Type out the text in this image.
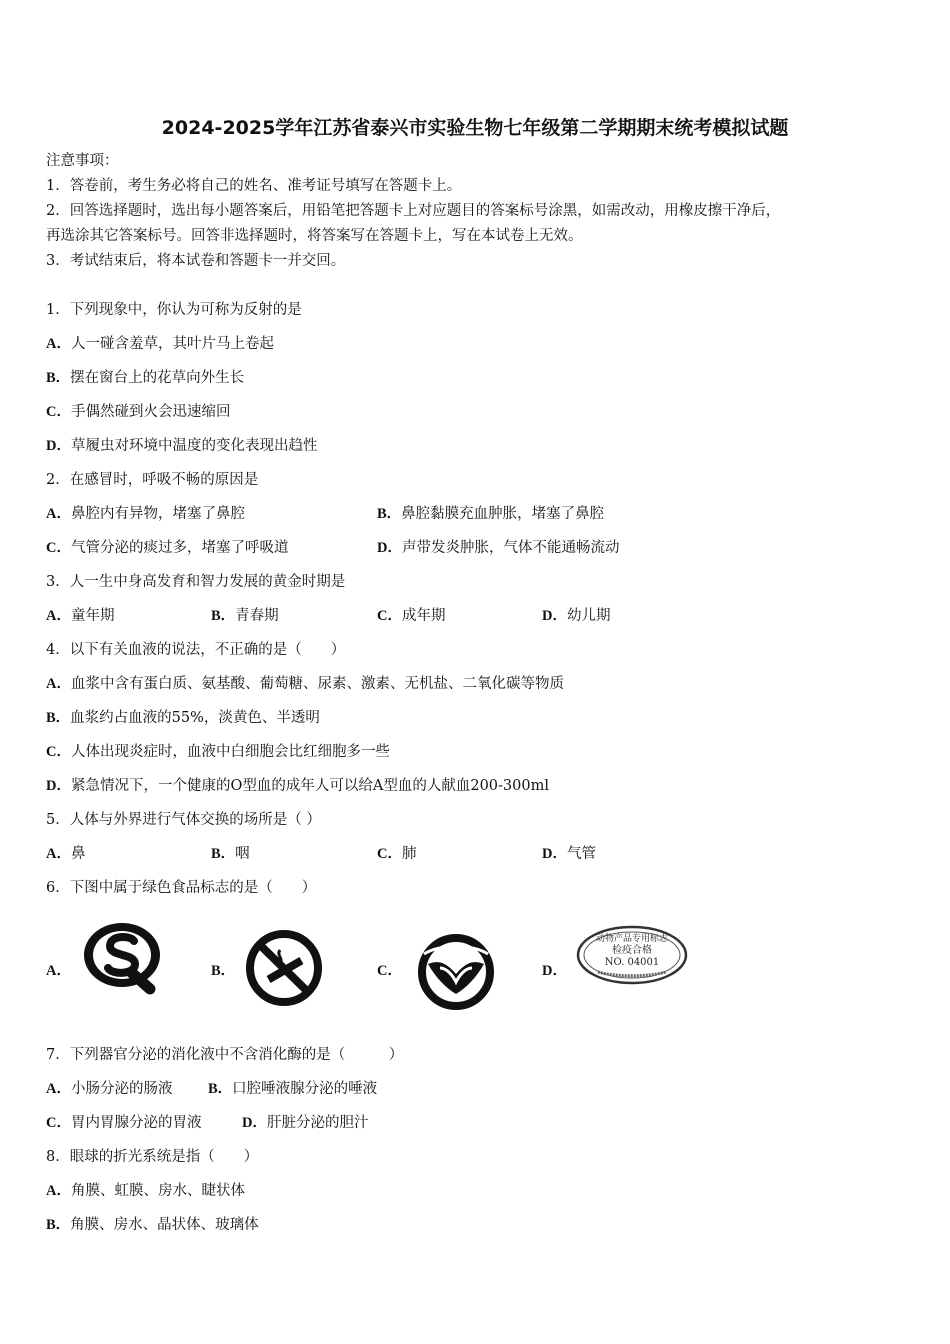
2024-2025学年江苏省泰兴市实验生物七年级第二学期期末统考模拟试题
注意事项：
1．答卷前，考生务必将自己的姓名、准考证号填写在答题卡上。
2．回答选择题时，选出每小题答案后，用铅笔把答题卡上对应题目的答案标号涂黑，如需改动，用橡皮擦干净后，
再选涂其它答案标号。回答非选择题时，将答案写在答题卡上，写在本试卷上无效。
3．考试结束后，将本试卷和答题卡一并交回。
1．下列现象中，你认为可称为反射的是
A．人一碰含羞草，其叶片马上卷起
B．摆在窗台上的花草向外生长
C．手偶然碰到火会迅速缩回
D．草履虫对环境中温度的变化表现出趋性
2．在感冒时，呼吸不畅的原因是
A．鼻腔内有异物，堵塞了鼻腔	B．鼻腔黏膜充血肿胀，堵塞了鼻腔
C．气管分泌的痰过多，堵塞了呼吸道	D．声带发炎肿胀，气体不能通畅流动
3．人一生中身高发育和智力发展的黄金时期是
A．童年期	B．青春期	C．成年期	D．幼儿期
4．以下有关血液的说法，不正确的是（　　）
A．血浆中含有蛋白质、氨基酸、葡萄糖、尿素、激素、无机盐、二氧化碳等物质
B．血浆约占血液的55%，淡黄色、半透明
C．人体出现炎症时，血液中白细胞会比红细胞多一些
D．紧急情况下，一个健康的O型血的成年人可以给A型血的人献血200-300ml
5．人体与外界进行气体交换的场所是（ ）
A．鼻	B．咽	C．肺	D．气管
6．下图中属于绿色食品标志的是（　　）
A．	B．	C．	D．
动物产品专用标志
检疫合格
NO. 04001
7．下列器官分泌的消化液中不含消化酶的是（　　　）
A．小肠分泌的肠液 B．口腔唾液腺分泌的唾液
C．胃内胃腺分泌的胃液	D．肝脏分泌的胆汁
8．眼球的折光系统是指（　　）
A．角膜、虹膜、房水、睫状体
B．角膜、房水、晶状体、玻璃体
